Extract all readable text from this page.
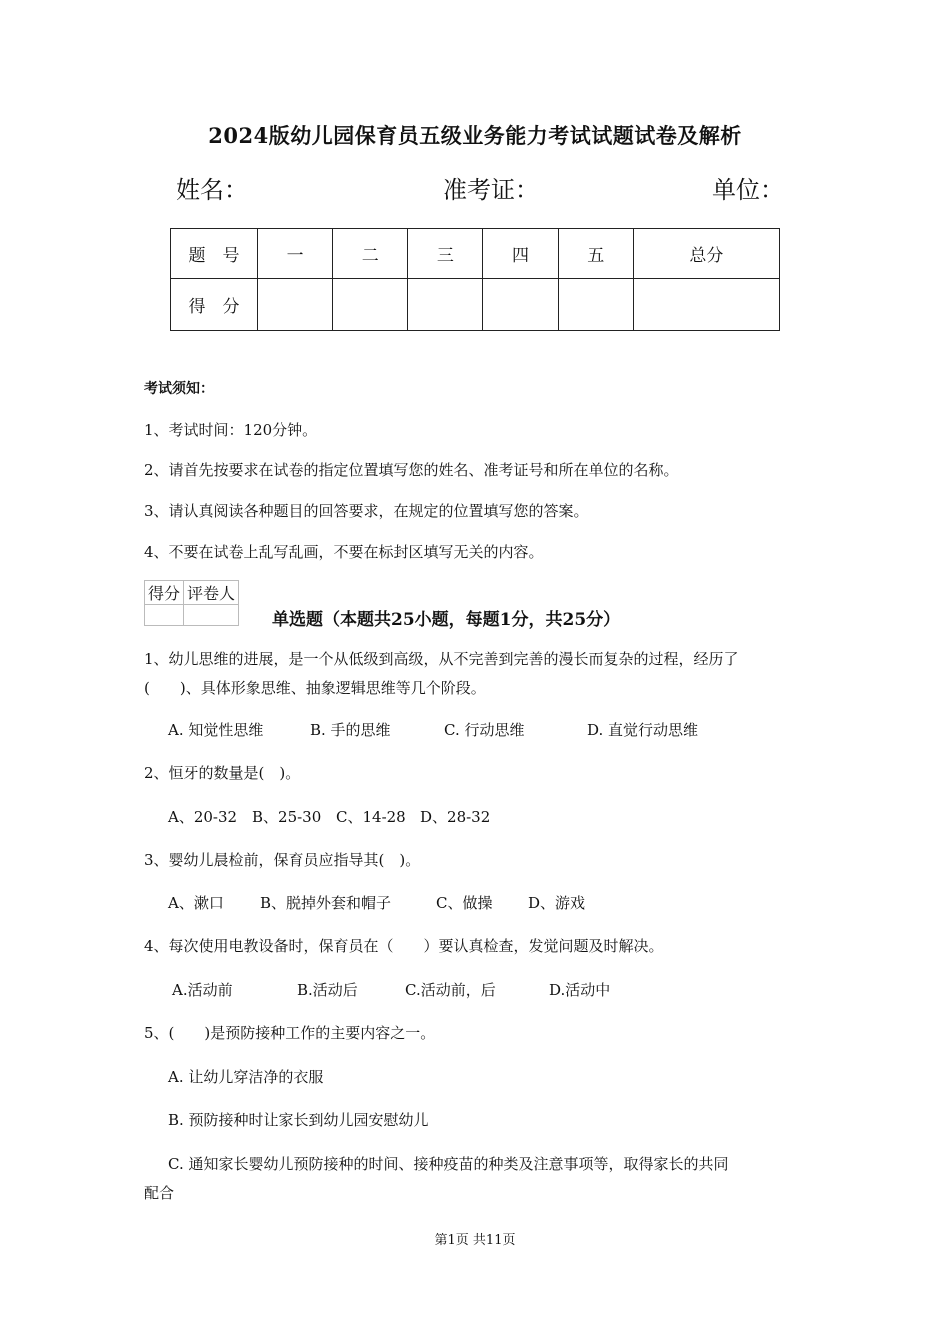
2024版幼儿园保育员五级业务能力考试试题试卷及解析
姓名：	准考证：	单位：
题　号	一	二	三	四	五	总分
得　分						
考试须知：
1、考试时间：120分钟。
2、请首先按要求在试卷的指定位置填写您的姓名、准考证号和所在单位的名称。
3、请认真阅读各种题目的回答要求，在规定的位置填写您的答案。
4、不要在试卷上乱写乱画，不要在标封区填写无关的内容。
得分	评卷人

单选题（本题共25小题，每题1分，共25分）
1、幼儿思维的进展，是一个从低级到高级，从不完善到完善的漫长而复杂的过程，经历了
(　　)、具体形象思维、抽象逻辑思维等几个阶段。
A. 知觉性思维	B. 手的思维	C. 行动思维	D. 直觉行动思维
2、恒牙的数量是(　)。
A、20-32 B、25-30 C、14-28 D、28-32
3、婴幼儿晨检前，保育员应指导其(　)。
A、漱口 B、脱掉外套和帽子	C、做操 D、游戏
4、每次使用电教设备时，保育员在（　　）要认真检查，发觉问题及时解决。
A.活动前	B.活动后	C.活动前，后	D.活动中
5、(　　)是预防接种工作的主要内容之一。
A. 让幼儿穿洁净的衣服
B. 预防接种时让家长到幼儿园安慰幼儿
C. 通知家长婴幼儿预防接种的时间、接种疫苗的种类及注意事项等，取得家长的共同
配合
第1页 共11页
